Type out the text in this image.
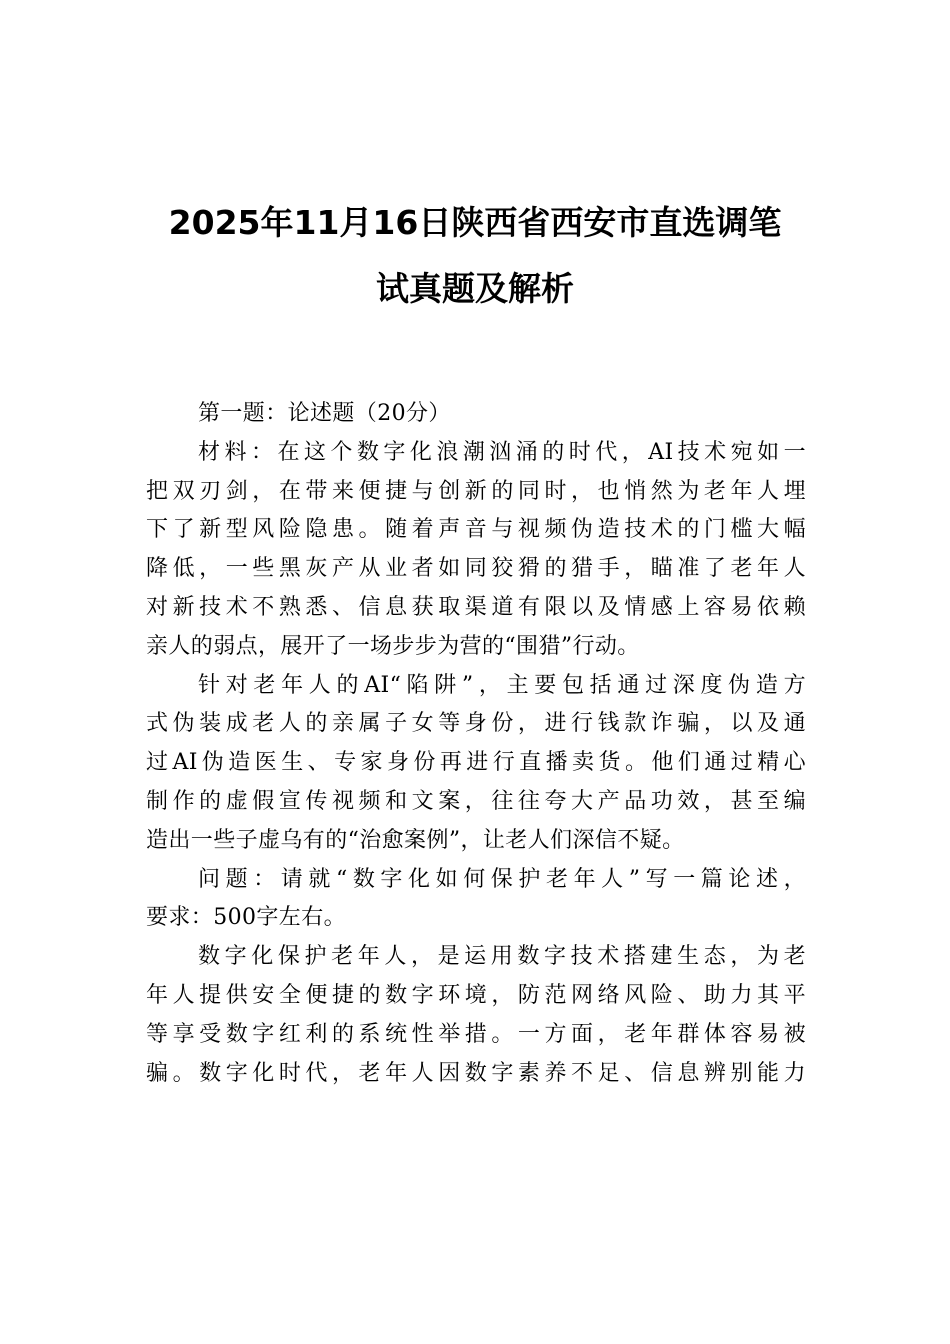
2025年11月16日陕西省西安市直选调笔
试真题及解析

第一题：论述题（20分）

材料：在这个数字化浪潮汹涌的时代，AI技术宛如一
把双刃剑，在带来便捷与创新的同时，也悄然为老年人埋
下了新型风险隐患。随着声音与视频伪造技术的门槛大幅
降低，一些黑灰产从业者如同狡猾的猎手，瞄准了老年人
对新技术不熟悉、信息获取渠道有限以及情感上容易依赖
亲人的弱点，展开了一场步步为营的“围猎”行动。

针对老年人的AI“陷阱”，主要包括通过深度伪造方
式伪装成老人的亲属子女等身份，进行钱款诈骗，以及通
过AI伪造医生、专家身份再进行直播卖货。他们通过精心
制作的虚假宣传视频和文案，往往夸大产品功效，甚至编
造出一些子虚乌有的“治愈案例”，让老人们深信不疑。

问题：请就“数字化如何保护老年人”写一篇论述，
要求：500字左右。

数字化保护老年人，是运用数字技术搭建生态，为老
年人提供安全便捷的数字环境，防范网络风险、助力其平
等享受数字红利的系统性举措。一方面，老年群体容易被
骗。数字化时代，老年人因数字素养不足、信息辨别能力
